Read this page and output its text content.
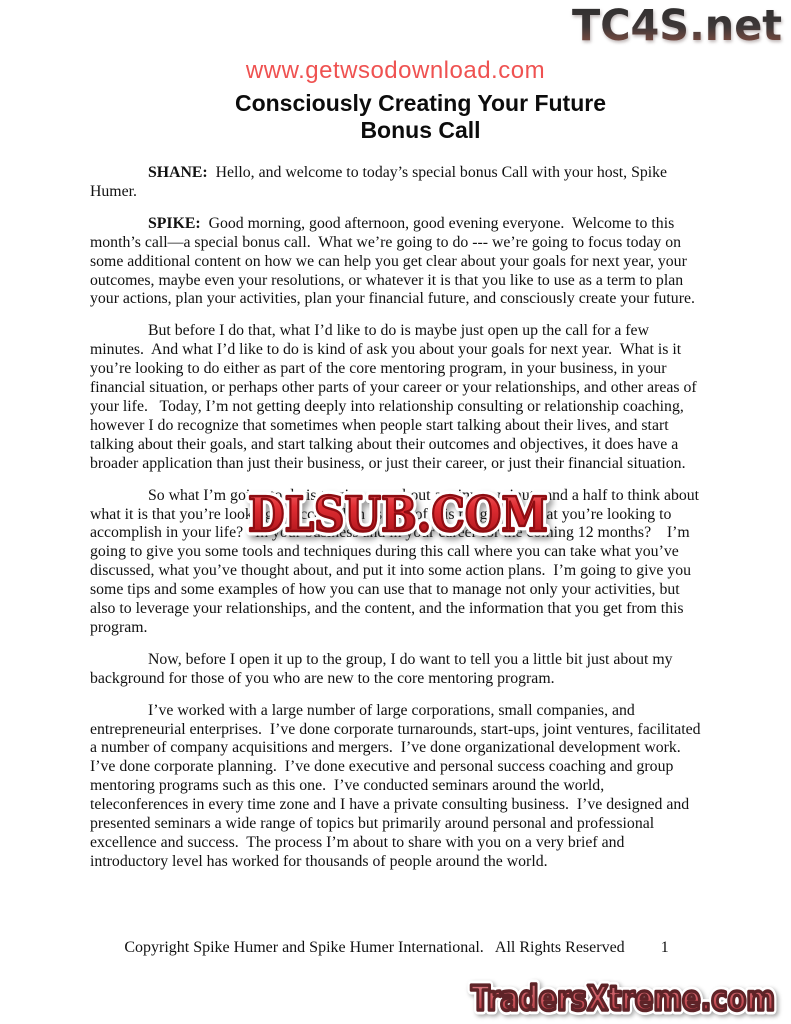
TC4S.net
www.getwsodownload.com
Consciously Creating Your Future
Bonus Call

SHANE:  Hello, and welcome to today’s special bonus Call with your host, Spike Humer.

SPIKE:  Good morning, good afternoon, good evening everyone.  Welcome to this month’s call—a special bonus call.  What we’re going to do --- we’re going to focus today on some additional content on how we can help you get clear about your goals for next year, your outcomes, maybe even your resolutions, or whatever it is that you like to use as a term to plan your actions, plan your activities, plan your financial future, and consciously create your future.

But before I do that, what I’d like to do is maybe just open up the call for a few minutes.  And what I’d like to do is kind of ask you about your goals for next year.  What is it you’re looking to do either as part of the core mentoring program, in your business, in your financial situation, or perhaps other parts of your career or your relationships, and other areas of your life.   Today, I’m not getting deeply into relationship consulting or relationship coaching, however I do recognize that sometimes when people start talking about their lives, and start talking about their goals, and start talking about their outcomes and objectives, it does have a broader application than just their business, or just their career, or just their financial situation.

So what I’m going to do is to give you about a minute, minute and a half to think about what it is that you’re looking to accomplish as part of this program.  What you’re looking to accomplish in your life?   In your business and in your career for the coming 12 months?    I’m going to give you some tools and techniques during this call where you can take what you’ve discussed, what you’ve thought about, and put it into some action plans.  I’m going to give you some tips and some examples of how you can use that to manage not only your activities, but also to leverage your relationships, and the content, and the information that you get from this program.

Now, before I open it up to the group, I do want to tell you a little bit just about my background for those of you who are new to the core mentoring program.

I’ve worked with a large number of large corporations, small companies, and entrepreneurial enterprises.  I’ve done corporate turnarounds, start-ups, joint ventures, facilitated a number of company acquisitions and mergers.  I’ve done organizational development work.  I’ve done corporate planning.  I’ve done executive and personal success coaching and group mentoring programs such as this one.  I’ve conducted seminars around the world, teleconferences in every time zone and I have a private consulting business.  I’ve designed and presented seminars a wide range of topics but primarily around personal and professional excellence and success.  The process I’m about to share with you on a very brief and introductory level has worked for thousands of people around the world.

DLSUB.COM
DLSUB.COM
Copyright Spike Humer and Spike Humer International.   All Rights Reserved 1
TradersXtreme.com
TradersXtreme.com
